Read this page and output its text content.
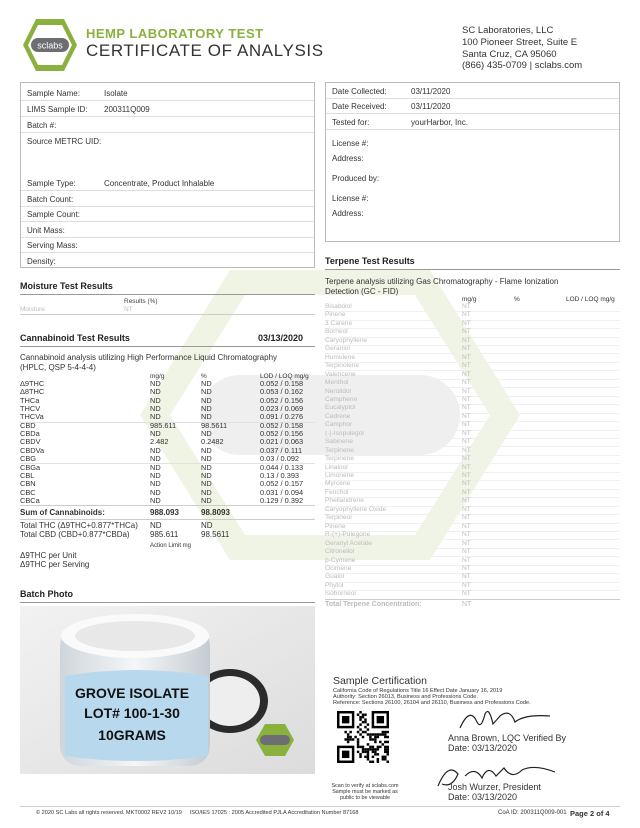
sclabs
HEMP LABORATORY TEST
CERTIFICATE OF ANALYSIS
SC Laboratories, LLC
100 Pioneer Street, Suite E
Santa Cruz, CA 95060
(866) 435-0709 | sclabs.com
Sample Name:	Isolate
LIMS Sample ID: 200311Q009
Batch #:
Source METRC UID:
Sample Type:	Concentrate, Product Inhalable
Batch Count:
Sample Count:
Unit Mass:
Serving Mass:
Density:
Date Collected:	03/11/2020
Date Received:	03/11/2020
Tested for:	yourHarbor, Inc.
License #:
Address:
Produced by:
License #:
Address:
Moisture Test Results
Results (%)
Moisture	NT
Cannabinoid Test Results	03/13/2020
Cannabinoid analysis utilizing High Performance Liquid Chromatography
(HPLC, QSP 5-4-4-4)
mg/g	%	LOD / LOQ mg/g
Δ9THC	ND	ND	0.052 / 0.158
Δ8THC	ND	ND	0.053 / 0.162
THCa	ND	ND	0.052 / 0.156
THCV	ND	ND	0.023 / 0.069
THCVa	ND	ND	0.091 / 0.276
CBD	985.611	98.5611	0.052 / 0.158
CBDa	ND	ND	0.052 / 0.156
CBDV	2.482	0.2482	0.021 / 0.063
CBDVa	ND	ND	0.037 / 0.111
CBG	ND	ND	0.03 / 0.092
CBGa	ND	ND	0.044 / 0.133
CBL	ND	ND	0.13 / 0.393
CBN	ND	ND	0.052 / 0.157
CBC	ND	ND	0.031 / 0.094
CBCa	ND	ND	0.129 / 0.392
Sum of Cannabinoids:	988.093	98.8093
Total THC (Δ9THC+0.877*THCa) ND	ND
Total CBD (CBD+0.877*CBDa)	985.611	98.5611
Action Limit mg
Δ9THC per Unit
Δ9THC per Serving
Batch Photo
GROVE ISOLATE
LOT# 100-1-30
10GRAMS
Terpene Test Results
Terpene analysis utilizing Gas Chromatography - Flame Ionization
Detection (GC - FID)
mg/g	%	LOD / LOQ mg/g
Bisabolol	NT
Pinene	NT
3 Carene	NT
Borneol	NT
Caryophyllene	NT
Geraniol	NT
Humulene	NT
Terpinolene	NT
Valencene	NT
Menthol	NT
Nerolidol	NT
Camphene	NT
Eucalyptol	NT
Cedrene	NT
Camphor	NT
(-)-Isopulegol	NT
Sabinene	NT
Terpinene	NT
Terpinene	NT
Linalool	NT
Limonene	NT
Myrcene	NT
Fenchol	NT
Phellandrene	NT
Caryophyllene Oxide	NT
Terpineol	NT
Pinene	NT
R-(+)-Pulegone	NT
Geranyl Acetate	NT
Citronellol	NT
p-Cymene	NT
Ocimene	NT
Guaiol	NT
Phytol	NT
Isoborneol	NT
Total Terpene Concentration:	NT
Sample Certification
California Code of Regulations Title 16 Effect Date January 16, 2019
Authority: Section 26013, Business and Professions Code.
Reference: Sections 26100, 26104 and 26110, Business and Professions Code.
Scan to verify at sclabs.com
Sample must be marked as
public to be viewable
Anna Brown, LQC Verified By
Date: 03/13/2020
Josh Wurzer, President
Date: 03/13/2020
© 2020 SC Labs all rights reserved. MKT0002 REV2 10/19     ISO/IES 17025 : 2005 Accredited PJLA Accreditation Number 87168	CoA ID: 200311Q009-001 Page 2 of 4
